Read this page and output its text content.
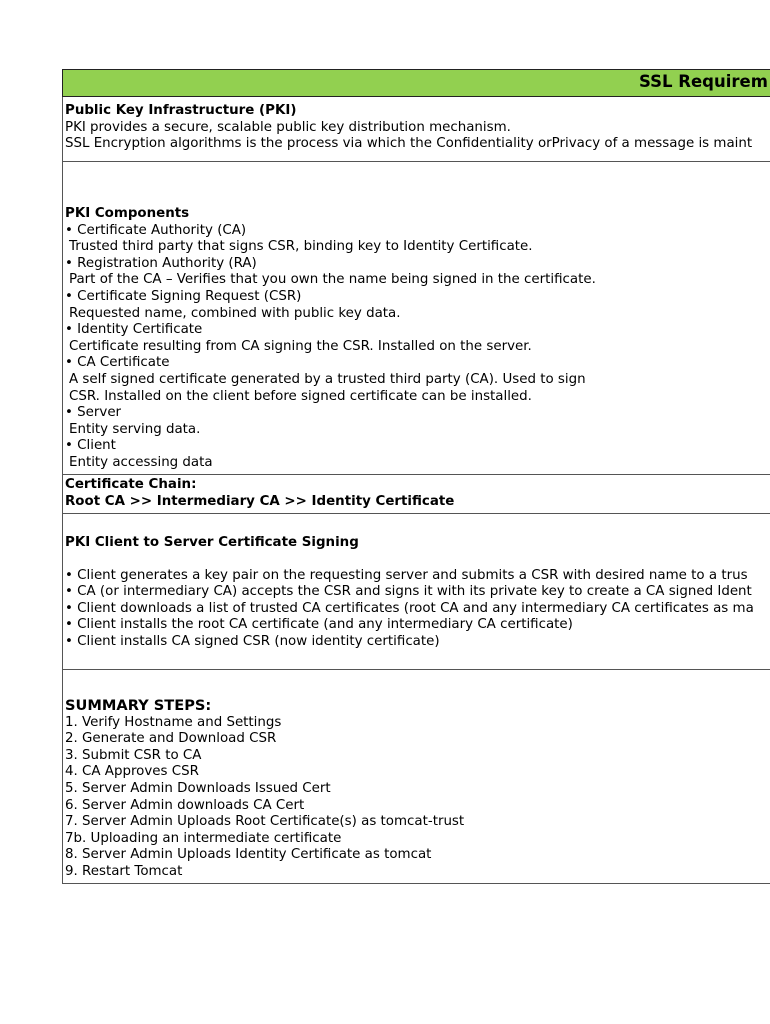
SSL Requirem
Public Key Infrastructure (PKI)
PKI provides a secure, scalable public key distribution mechanism.
SSL Encryption algorithms is the process via which the Confidentiality orPrivacy of a message is maint
PKI Components
• Certificate Authority (CA)
Trusted third party that signs CSR, binding key to Identity Certificate.
• Registration Authority (RA)
Part of the CA – Verifies that you own the name being signed in the certificate.
• Certificate Signing Request (CSR)
Requested name, combined with public key data.
• Identity Certificate
Certificate resulting from CA signing the CSR. Installed on the server.
• CA Certificate
A self signed certificate generated by a trusted third party (CA). Used to sign
CSR. Installed on the client before signed certificate can be installed.
• Server
Entity serving data.
• Client
Entity accessing data
Certificate Chain:
Root CA >> Intermediary CA >> Identity Certificate
PKI Client to Server Certificate Signing
• Client generates a key pair on the requesting server and submits a CSR with desired name to a trus
• CA (or intermediary CA) accepts the CSR and signs it with its private key to create a CA signed Ident
• Client downloads a list of trusted CA certificates (root CA and any intermediary CA certificates as ma
• Client installs the root CA certificate (and any intermediary CA certificate)
• Client installs CA signed CSR (now identity certificate)
SUMMARY STEPS:
1. Verify Hostname and Settings
2. Generate and Download CSR
3. Submit CSR to CA
4. CA Approves CSR
5. Server Admin Downloads Issued Cert
6. Server Admin downloads CA Cert
7. Server Admin Uploads Root Certificate(s) as tomcat-trust
7b. Uploading an intermediate certificate
8. Server Admin Uploads Identity Certificate as tomcat
9. Restart Tomcat
